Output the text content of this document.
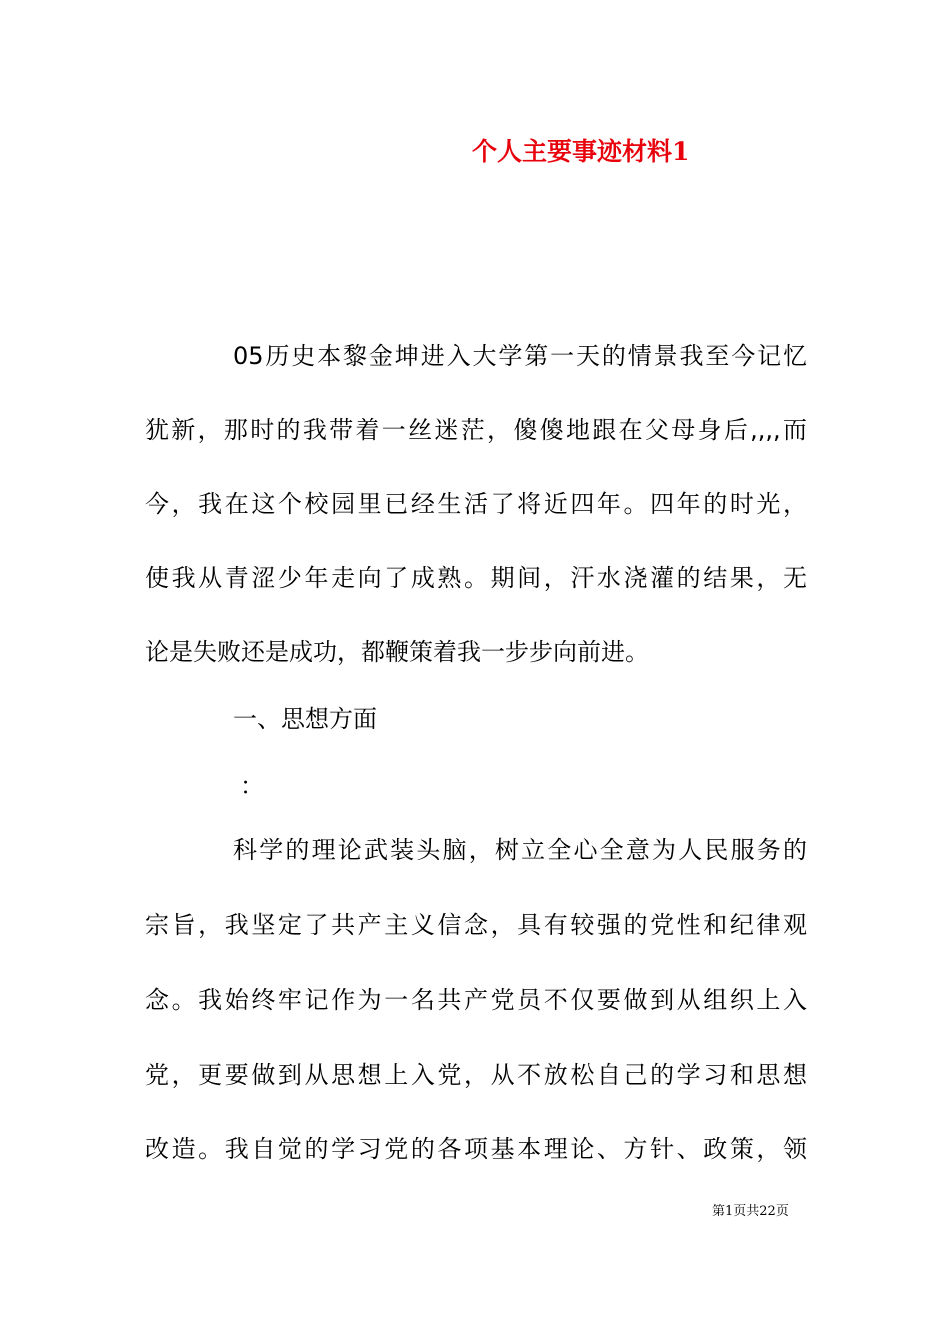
个人主要事迹材料1
05历史本黎金坤进入大学第一天的情景我至今记忆
犹新，那时的我带着一丝迷茫，傻傻地跟在父母身后,,,,而
今，我在这个校园里已经生活了将近四年。四年的时光，
使我从青涩少年走向了成熟。期间，汗水浇灌的结果，无
论是失败还是成功，都鞭策着我一步步向前进。
一、思想方面
：
科学的理论武装头脑，树立全心全意为人民服务的
宗旨，我坚定了共产主义信念，具有较强的党性和纪律观
念。我始终牢记作为一名共产党员不仅要做到从组织上入
党，更要做到从思想上入党，从不放松自己的学习和思想
改造。我自觉的学习党的各项基本理论、方针、政策，领
第1页共22页
